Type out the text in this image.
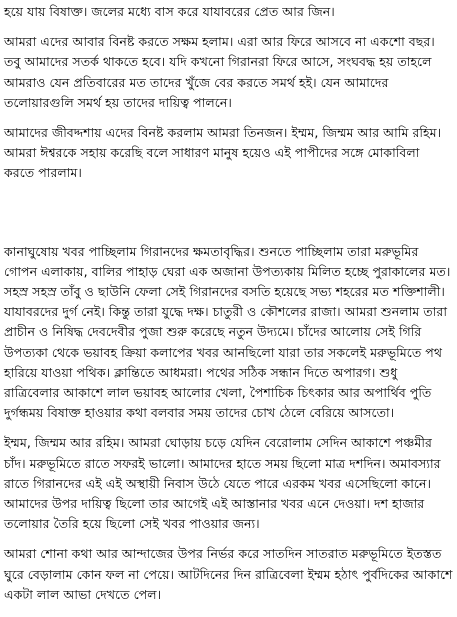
হয়ে যায় বিষাক্ত। জলের মধ্যে বাস করে যাযাবরের প্রেত আর জিন।

আমরা এদের আবার বিনষ্ট করতে সক্ষম হলাম। এরা আর ফিরে আসবে না একশো বছর। তবু আমাদের সতর্ক থাকতে হবে। যদি কখনো গিরানরা ফিরে আসে, সংঘবদ্ধ হয় তাহলে আমরাও যেন প্রতিবারের মত তাদের খুঁজে বের করতে সমর্থ হই। যেন আমাদের তলোয়ারগুলি সমর্থ হয় তাদের দায়িত্ব পালনে।

আমাদের জীবদ্দশায় এদের বিনষ্ট করলাম আমরা তিনজন। ইম্মম, জিম্মম আর আমি রহিম। আমরা ঈশ্বরকে সহায় করেছি বলে সাধারণ মানুষ হয়েও এই পাপীদের সঙ্গে মোকাবিলা করতে পারলাম।

কানাঘুষোয় খবর পাচ্ছিলাম গিরানদের ক্ষমতাবৃদ্ধির। শুনতে পাচ্ছিলাম তারা মরুভূমির গোপন এলাকায়, বালির পাহাড় ঘেরা এক অজানা উপত্যকায় মিলিত হচ্ছে পুরাকালের মত। সহস্র সহস্র তাঁবু ও ছাউনি ফেলা সেই গিরানদের বসতি হয়েছে সভ্য শহরের মত শক্তিশালী। যাযাবরদের দুর্গ নেই। কিন্তু তারা যুদ্ধে দক্ষ। চাতুরী ও কৌশলের রাজা। আমরা শুনলাম তারা প্রাচীন ও নিষিদ্ধ দেবদেবীর পুজা শুরু করেছে নতুন উদ্যমে। চাঁদের আলোয় সেই গিরি উপত্যকা থেকে ভয়াবহ ক্রিয়া কলাপের খবর আনছিলো যারা তার সকলেই মরুভূমিতে পথ হারিয়ে যাওয়া পথিক। ক্লান্তিতে আধমরা। পথের সঠিক সন্ধান দিতে অপারগ। শুধু রাত্রিবেলার আকাশে লাল ভয়াবহ আলোর খেলা, পৈশাচিক চিৎকার আর অপার্থিব পুতি দুর্গন্ধময় বিষাক্ত হাওয়ার কথা বলবার সময় তাদের চোখ ঠেলে বেরিয়ে আসতো।

ইম্মম, জিম্মম আর রহিম। আমরা ঘোড়ায় চড়ে যেদিন বেরোলাম সেদিন আকাশে পঞ্চমীর চাঁদ। মরুভূমিতে রাতে সফরই ভালো। আমাদের হাতে সময় ছিলো মাত্র দশদিন। অমাবস্যার রাতে গিরানদের এই এই অস্থায়ী নিবাস উঠে যেতে পারে এরকম খবর এসেছিলো কানে। আমাদের উপর দায়িত্ব ছিলো তার আগেই এই আস্তানার খবর এনে দেওয়া। দশ হাজার তলোয়ার তৈরি হয়ে ছিলো সেই খবর পাওয়ার জন্য।

আমরা শোনা কথা আর আন্দাজের উপর নির্ভর করে সাতদিন সাতরাত মরুভূমিতে ইতস্তত ঘুরে বেড়ালাম কোন ফল না পেয়ে। আটদিনের দিন রাত্রিবেলা ইম্মম হঠাৎ পুর্বদিকের আকাশে একটা লাল আভা দেখতে পেল।
